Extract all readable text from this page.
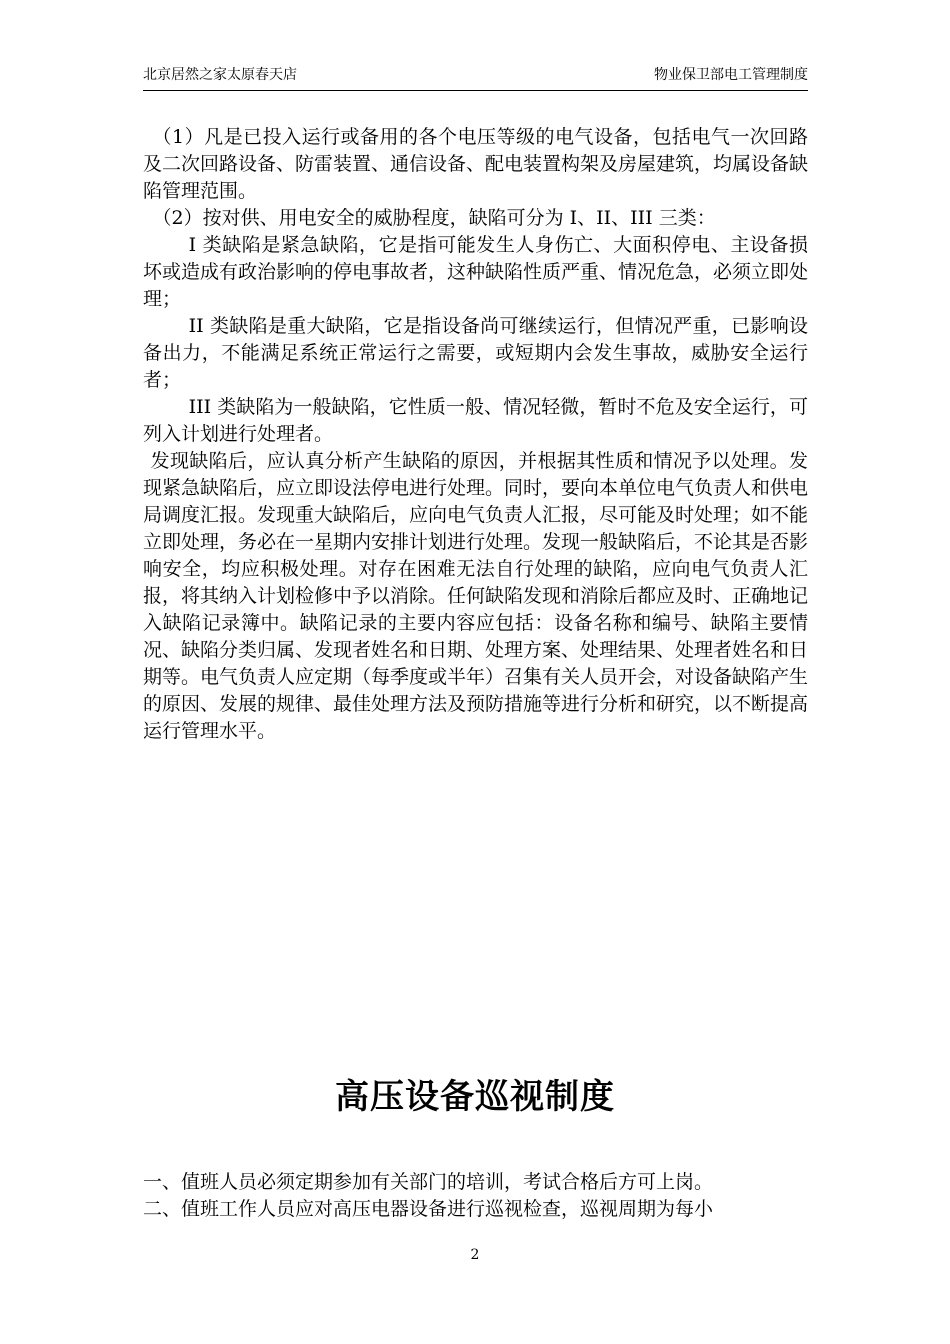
北京居然之家太原春天店	物业保卫部电工管理制度

（1）凡是已投入运行或备用的各个电压等级的电气设备，包括电气一次回路及二次回路设备、防雷装置、通信设备、配电装置构架及房屋建筑，均属设备缺陷管理范围。

（2）按对供、用电安全的威胁程度，缺陷可分为 I、II、III 三类：

I 类缺陷是紧急缺陷，它是指可能发生人身伤亡、大面积停电、主设备损坏或造成有政治影响的停电事故者，这种缺陷性质严重、情况危急，必须立即处理；

II 类缺陷是重大缺陷，它是指设备尚可继续运行，但情况严重，已影响设备出力，不能满足系统正常运行之需要，或短期内会发生事故，威胁安全运行者；

III 类缺陷为一般缺陷，它性质一般、情况轻微，暂时不危及安全运行，可列入计划进行处理者。

发现缺陷后，应认真分析产生缺陷的原因，并根据其性质和情况予以处理。发现紧急缺陷后，应立即设法停电进行处理。同时，要向本单位电气负责人和供电局调度汇报。发现重大缺陷后，应向电气负责人汇报，尽可能及时处理；如不能立即处理，务必在一星期内安排计划进行处理。发现一般缺陷后，不论其是否影响安全，均应积极处理。对存在困难无法自行处理的缺陷，应向电气负责人汇报，将其纳入计划检修中予以消除。任何缺陷发现和消除后都应及时、正确地记入缺陷记录簿中。缺陷记录的主要内容应包括：设备名称和编号、缺陷主要情况、缺陷分类归属、发现者姓名和日期、处理方案、处理结果、处理者姓名和日期等。电气负责人应定期（每季度或半年）召集有关人员开会，对设备缺陷产生的原因、发展的规律、最佳处理方法及预防措施等进行分析和研究，以不断提高运行管理水平。

高压设备巡视制度

一、值班人员必须定期参加有关部门的培训，考试合格后方可上岗。

二、值班工作人员应对高压电器设备进行巡视检查，巡视周期为每小

2
